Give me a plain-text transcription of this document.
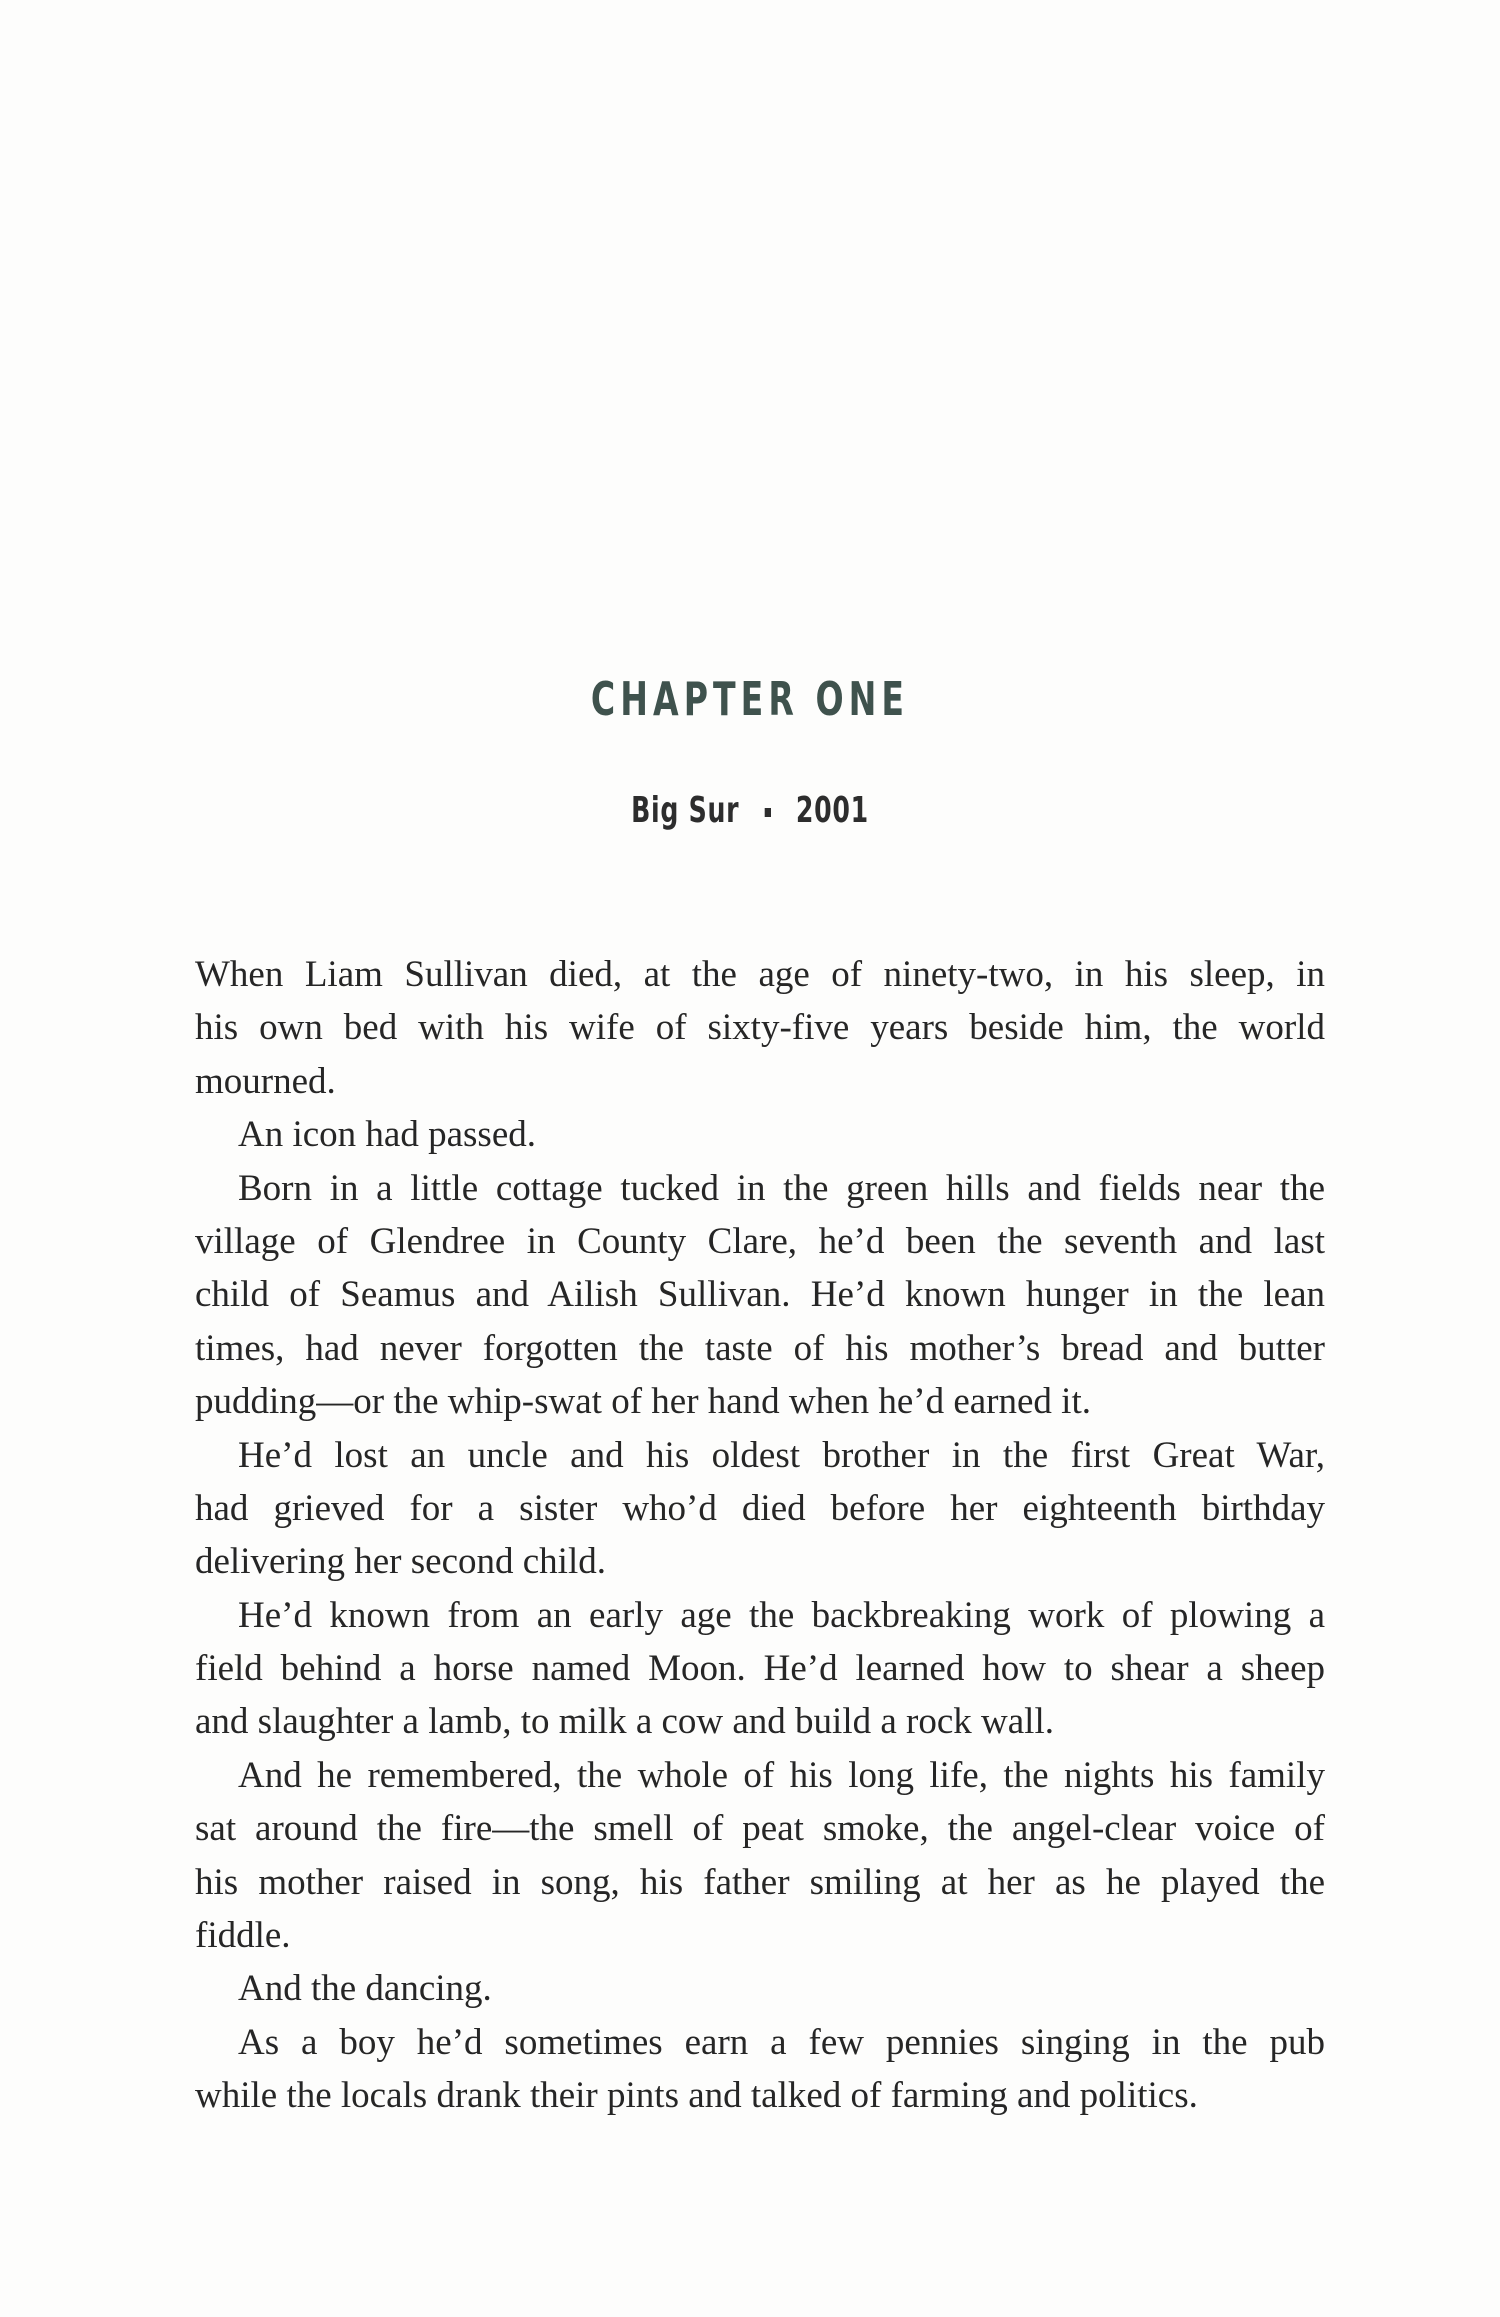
CHAPTER ONE
Big Sur 2001
When Liam Sullivan died, at the age of ninety-two, in his sleep, in
his own bed with his wife of sixty-five years beside him, the world
mourned.
An icon had passed.
Born in a little cottage tucked in the green hills and fields near the
village of Glendree in County Clare, he’d been the seventh and last
child of Seamus and Ailish Sullivan. He’d known hunger in the lean
times, had never forgotten the taste of his mother’s bread and butter
pudding—or the whip-swat of her hand when he’d earned it.
He’d lost an uncle and his oldest brother in the first Great War,
had grieved for a sister who’d died before her eighteenth birthday
delivering her second child.
He’d known from an early age the backbreaking work of plowing a
field behind a horse named Moon. He’d learned how to shear a sheep
and slaughter a lamb, to milk a cow and build a rock wall.
And he remembered, the whole of his long life, the nights his family
sat around the fire—the smell of peat smoke, the angel-clear voice of
his mother raised in song, his father smiling at her as he played the
fiddle.
And the dancing.
As a boy he’d sometimes earn a few pennies singing in the pub
while the locals drank their pints and talked of farming and politics.
